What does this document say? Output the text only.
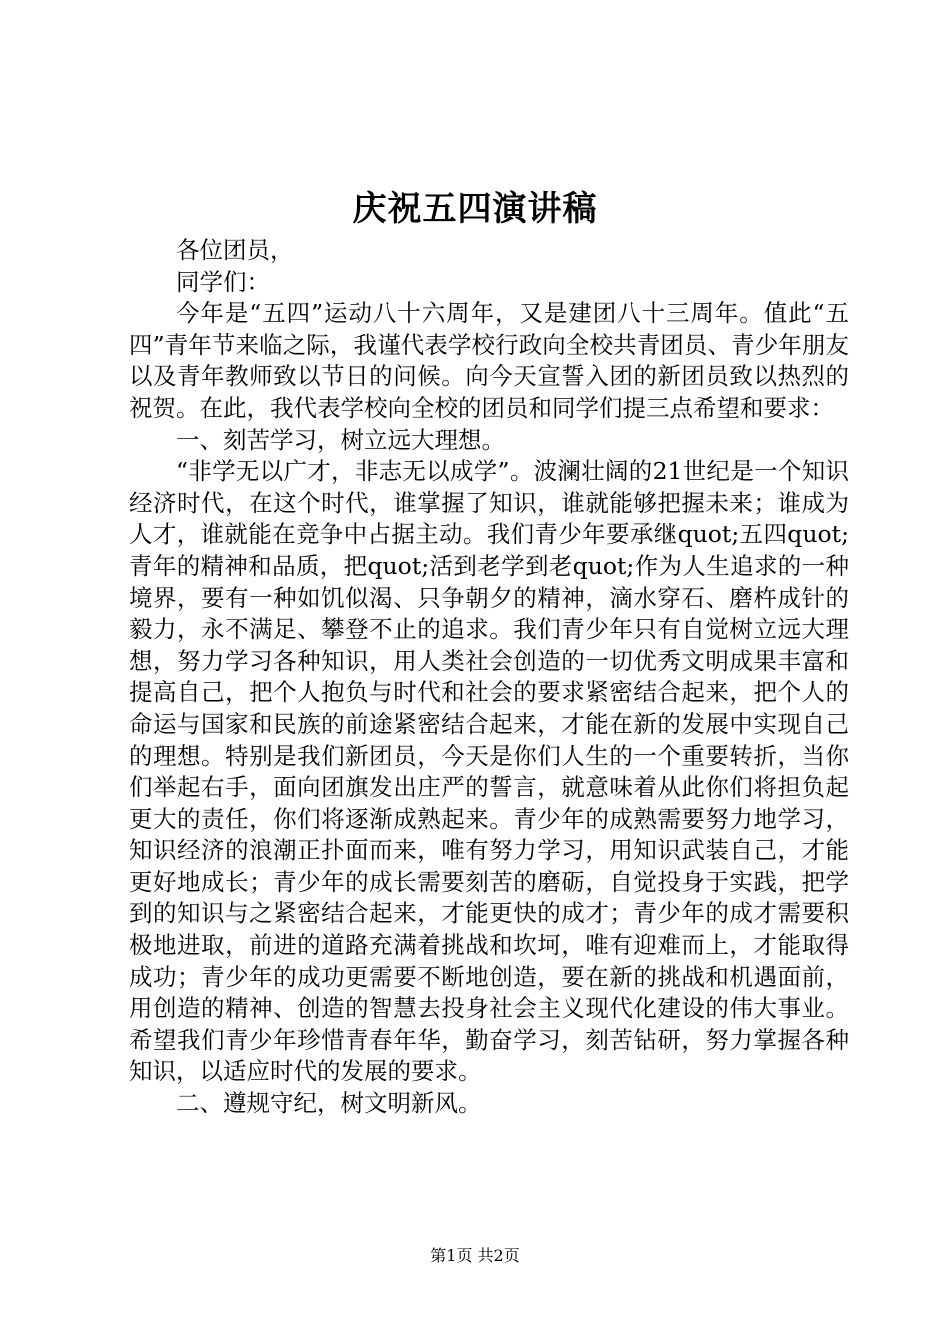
庆祝五四演讲稿

各位团员，

同学们：

今年是“五四”运动八十六周年，又是建团八十三周年。值此“五四”青年节来临之际，我谨代表学校行政向全校共青团员、青少年朋友以及青年教师致以节日的问候。向今天宣誓入团的新团员致以热烈的祝贺。在此，我代表学校向全校的团员和同学们提三点希望和要求：

一、刻苦学习，树立远大理想。

“非学无以广才，非志无以成学”。波澜壮阔的21世纪是一个知识经济时代，在这个时代，谁掌握了知识，谁就能够把握未来；谁成为人才，谁就能在竞争中占据主动。我们青少年要承继quot;五四quot;青年的精神和品质，把quot;活到老学到老quot;作为人生追求的一种境界，要有一种如饥似渴、只争朝夕的精神，滴水穿石、磨杵成针的毅力，永不满足、攀登不止的追求。我们青少年只有自觉树立远大理想，努力学习各种知识，用人类社会创造的一切优秀文明成果丰富和提高自己，把个人抱负与时代和社会的要求紧密结合起来，把个人的命运与国家和民族的前途紧密结合起来，才能在新的发展中实现自己的理想。特别是我们新团员，今天是你们人生的一个重要转折，当你们举起右手，面向团旗发出庄严的誓言，就意味着从此你们将担负起更大的责任，你们将逐渐成熟起来。青少年的成熟需要努力地学习，知识经济的浪潮正扑面而来，唯有努力学习，用知识武装自己，才能更好地成长；青少年的成长需要刻苦的磨砺，自觉投身于实践，把学到的知识与之紧密结合起来，才能更快的成才；青少年的成才需要积极地进取，前进的道路充满着挑战和坎坷，唯有迎难而上，才能取得成功；青少年的成功更需要不断地创造，要在新的挑战和机遇面前，用创造的精神、创造的智慧去投身社会主义现代化建设的伟大事业。希望我们青少年珍惜青春年华，勤奋学习，刻苦钻研，努力掌握各种知识，以适应时代的发展的要求。

二、遵规守纪，树文明新风。

第1页 共2页
